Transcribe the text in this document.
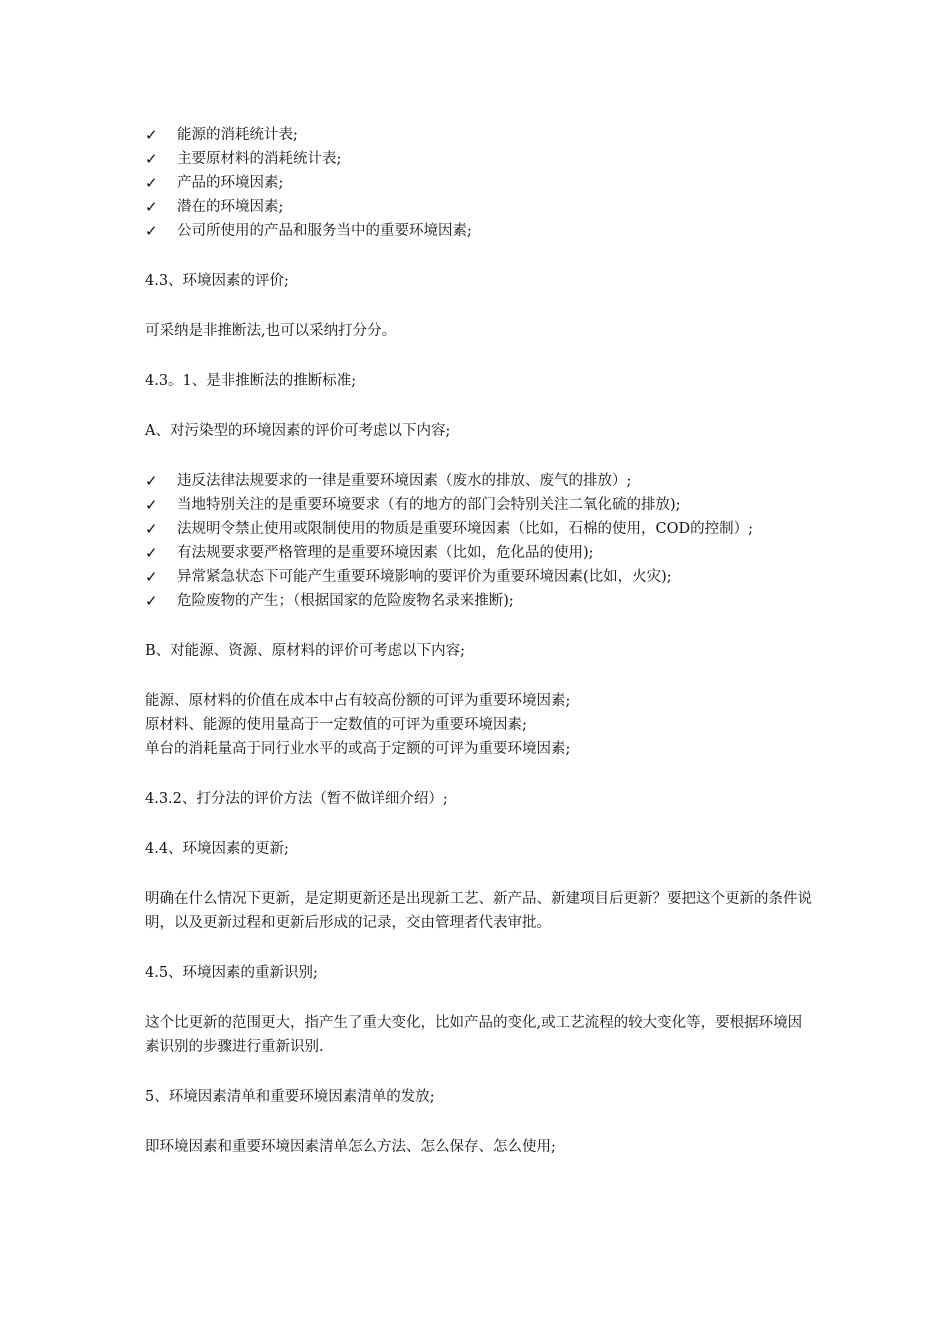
✓	能源的消耗统计表;
✓	主要原材料的消耗统计表;
✓	产品的环境因素;
✓	潜在的环境因素;
✓	公司所使用的产品和服务当中的重要环境因素;

4.3、环境因素的评价;

可采纳是非推断法,也可以采纳打分分。

4.3。1、是非推断法的推断标准;

A、对污染型的环境因素的评价可考虑以下内容;

✓	违反法律法规要求的一律是重要环境因素（废水的排放、废气的排放）;
✓	当地特别关注的是重要环境要求（有的地方的部门会特别关注二氧化硫的排放);
✓	法规明令禁止使用或限制使用的物质是重要环境因素（比如，石棉的使用，COD的控制）;
✓	有法规要求要严格管理的是重要环境因素（比如，危化品的使用);
✓	异常紧急状态下可能产生重要环境影响的要评价为重要环境因素(比如，火灾);
✓	危险废物的产生；（根据国家的危险废物名录来推断);

B、对能源、资源、原材料的评价可考虑以下内容;

能源、原材料的价值在成本中占有较高份额的可评为重要环境因素;

原材料、能源的使用量高于一定数值的可评为重要环境因素;

单台的消耗量高于同行业水平的或高于定额的可评为重要环境因素;

4.3.2、打分法的评价方法（暂不做详细介绍）;

4.4、环境因素的更新;

明确在什么情况下更新，是定期更新还是出现新工艺、新产品、新建项目后更新？要把这个更新的条件说明，以及更新过程和更新后形成的记录，交由管理者代表审批。

4.5、环境因素的重新识别;

这个比更新的范围更大，指产生了重大变化，比如产品的变化,或工艺流程的较大变化等，要根据环境因素识别的步骤进行重新识别.

5、环境因素清单和重要环境因素清单的发放;

即环境因素和重要环境因素清单怎么方法、怎么保存、怎么使用;
